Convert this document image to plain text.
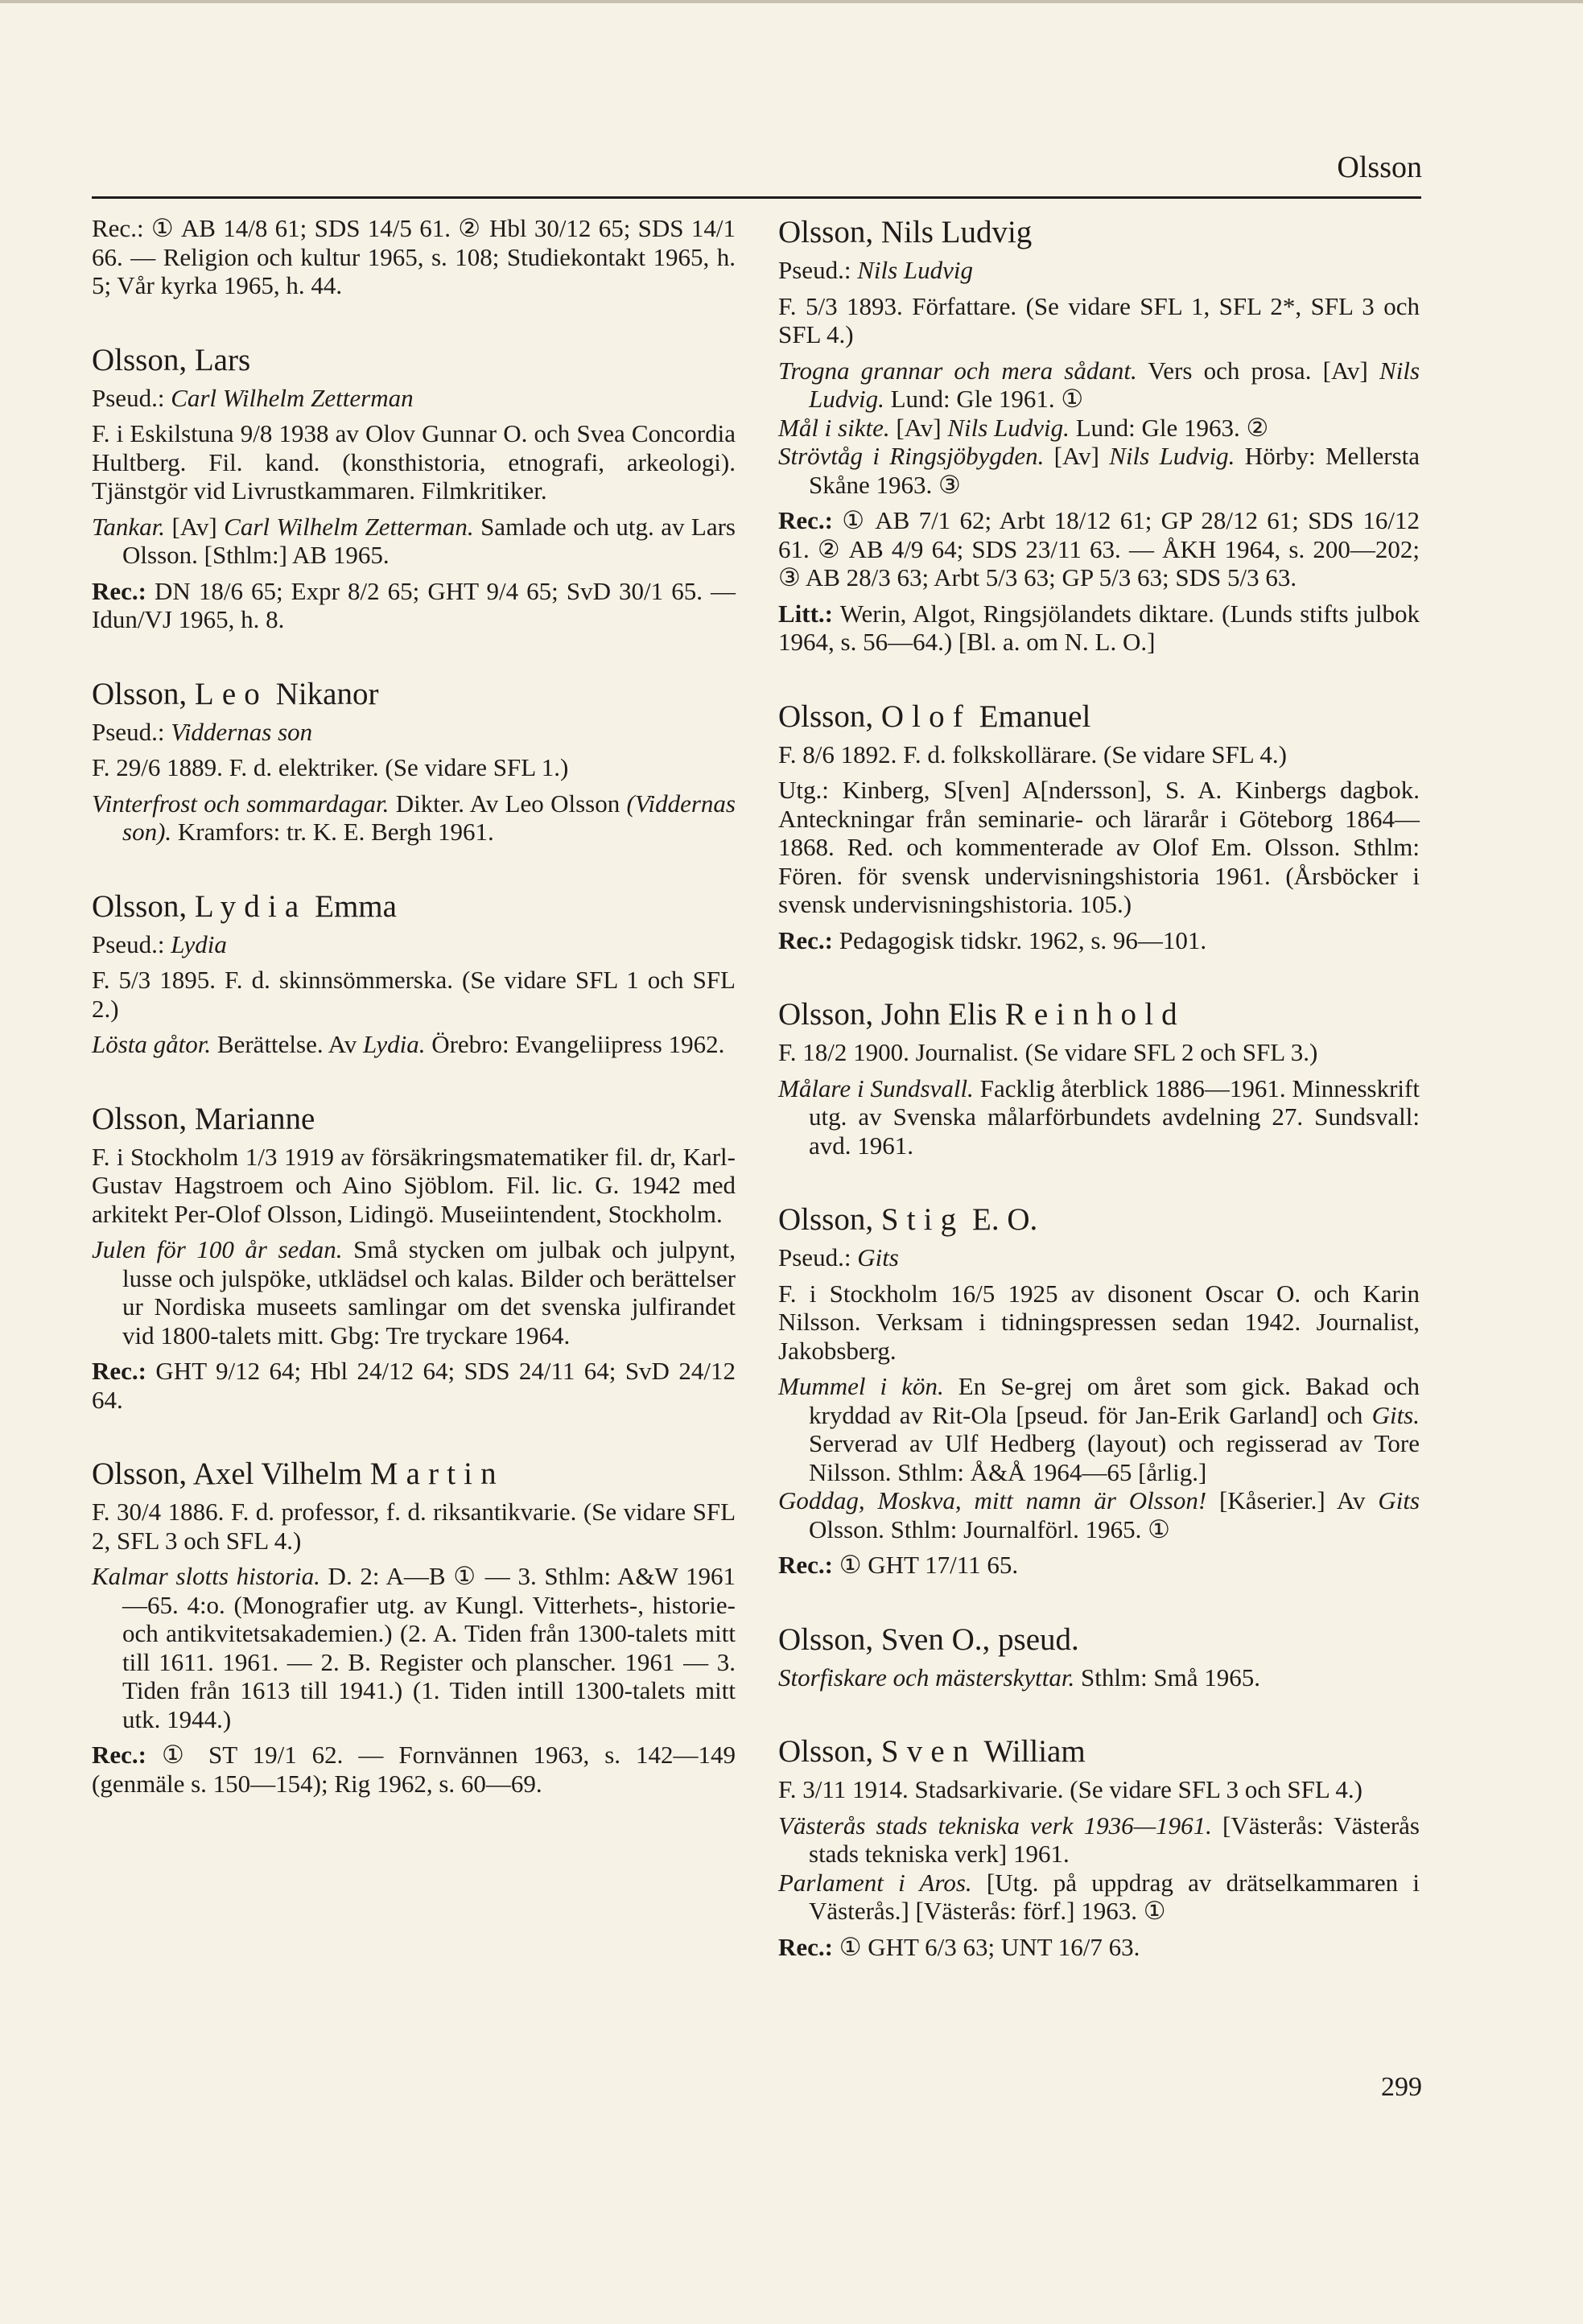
Olsson

Rec.: ① AB 14/8 61; SDS 14/5 61. ② Hbl 30/12 65; SDS 14/1 66. — Religion och kultur 1965, s. 108; Studiekontakt 1965, h. 5; Vår kyrka 1965, h. 44.

Olsson, Lars

Pseud.: Carl Wilhelm Zetterman

F. i Eskilstuna 9/8 1938 av Olov Gunnar O. och Svea Concordia Hultberg. Fil. kand. (konsthistoria, etnografi, arkeologi). Tjänstgör vid Livrustkammaren. Filmkritiker.

Tankar. [Av] Carl Wilhelm Zetterman. Samlade och utg. av Lars Olsson. [Sthlm:] AB 1965.

Rec.: DN 18/6 65; Expr 8/2 65; GHT 9/4 65; SvD 30/1 65. — Idun/VJ 1965, h. 8.

Olsson, Leo Nikanor

Pseud.: Viddernas son

F. 29/6 1889. F. d. elektriker. (Se vidare SFL 1.)

Vinterfrost och sommardagar. Dikter. Av Leo Olsson (Viddernas son). Kramfors: tr. K. E. Bergh 1961.

Olsson, Lydia Emma

Pseud.: Lydia

F. 5/3 1895. F. d. skinnsömmerska. (Se vidare SFL 1 och SFL 2.)

Lösta gåtor. Berättelse. Av Lydia. Örebro: Evangeliipress 1962.

Olsson, Marianne

F. i Stockholm 1/3 1919 av försäkringsmatematiker fil. dr, Karl-Gustav Hagstroem och Aino Sjöblom. Fil. lic. G. 1942 med arkitekt Per-Olof Olsson, Lidingö. Museiintendent, Stockholm.

Julen för 100 år sedan. Små stycken om julbak och julpynt, lusse och julspöke, utklädsel och kalas. Bilder och berättelser ur Nordiska museets samlingar om det svenska julfirandet vid 1800-talets mitt. Gbg: Tre tryckare 1964.

Rec.: GHT 9/12 64; Hbl 24/12 64; SDS 24/11 64; SvD 24/12 64.

Olsson, Axel Vilhelm Martin

F. 30/4 1886. F. d. professor, f. d. riksantikvarie. (Se vidare SFL 2, SFL 3 och SFL 4.)

Kalmar slotts historia. D. 2: A—B ① — 3. Sthlm: A&W 1961—65. 4:o. (Monografier utg. av Kungl. Vitterhets-, historie- och antikvitetsakademien.) (2. A. Tiden från 1300-talets mitt till 1611. 1961. — 2. B. Register och planscher. 1961 — 3. Tiden från 1613 till 1941.) (1. Tiden intill 1300-talets mitt utk. 1944.)

Rec.: ① ST 19/1 62. — Fornvännen 1963, s. 142—149 (genmäle s. 150—154); Rig 1962, s. 60—69.

Olsson, Nils Ludvig

Pseud.: Nils Ludvig

F. 5/3 1893. Författare. (Se vidare SFL 1, SFL 2*, SFL 3 och SFL 4.)

Trogna grannar och mera sådant. Vers och prosa. [Av] Nils Ludvig. Lund: Gle 1961. ①

Mål i sikte. [Av] Nils Ludvig. Lund: Gle 1963. ②

Strövtåg i Ringsjöbygden. [Av] Nils Ludvig. Hörby: Mellersta Skåne 1963. ③

Rec.: ① AB 7/1 62; Arbt 18/12 61; GP 28/12 61; SDS 16/12 61. ② AB 4/9 64; SDS 23/11 63. — ÅKH 1964, s. 200—202; ③ AB 28/3 63; Arbt 5/3 63; GP 5/3 63; SDS 5/3 63.

Litt.: Werin, Algot, Ringsjölandets diktare. (Lunds stifts julbok 1964, s. 56—64.) [Bl. a. om N. L. O.]

Olsson, Olof Emanuel

F. 8/6 1892. F. d. folkskollärare. (Se vidare SFL 4.)

Utg.: Kinberg, S[ven] A[ndersson], S. A. Kinbergs dagbok. Anteckningar från seminarie- och lärarår i Göteborg 1864—1868. Red. och kommenterade av Olof Em. Olsson. Sthlm: Fören. för svensk undervisningshistoria 1961. (Årsböcker i svensk undervisningshistoria. 105.)

Rec.: Pedagogisk tidskr. 1962, s. 96—101.

Olsson, John Elis Reinhold

F. 18/2 1900. Journalist. (Se vidare SFL 2 och SFL 3.)

Målare i Sundsvall. Facklig återblick 1886—1961. Minnesskrift utg. av Svenska målarförbundets avdelning 27. Sundsvall: avd. 1961.

Olsson, Stig E. O.

Pseud.: Gits

F. i Stockholm 16/5 1925 av disonent Oscar O. och Karin Nilsson. Verksam i tidningspressen sedan 1942. Journalist, Jakobsberg.

Mummel i kön. En Se-grej om året som gick. Bakad och kryddad av Rit-Ola [pseud. för Jan-Erik Garland] och Gits. Serverad av Ulf Hedberg (layout) och regisserad av Tore Nilsson. Sthlm: Å&Å 1964—65 [årlig.]

Goddag, Moskva, mitt namn är Olsson! [Kåserier.] Av Gits Olsson. Sthlm: Journalförl. 1965. ①

Rec.: ① GHT 17/11 65.

Olsson, Sven O., pseud.

Storfiskare och mästerskyttar. Sthlm: Små 1965.

Olsson, Sven William

F. 3/11 1914. Stadsarkivarie. (Se vidare SFL 3 och SFL 4.)

Västerås stads tekniska verk 1936—1961. [Västerås: Västerås stads tekniska verk] 1961.

Parlament i Aros. [Utg. på uppdrag av drätselkammaren i Västerås.] [Västerås: förf.] 1963. ①

Rec.: ① GHT 6/3 63; UNT 16/7 63.

299
